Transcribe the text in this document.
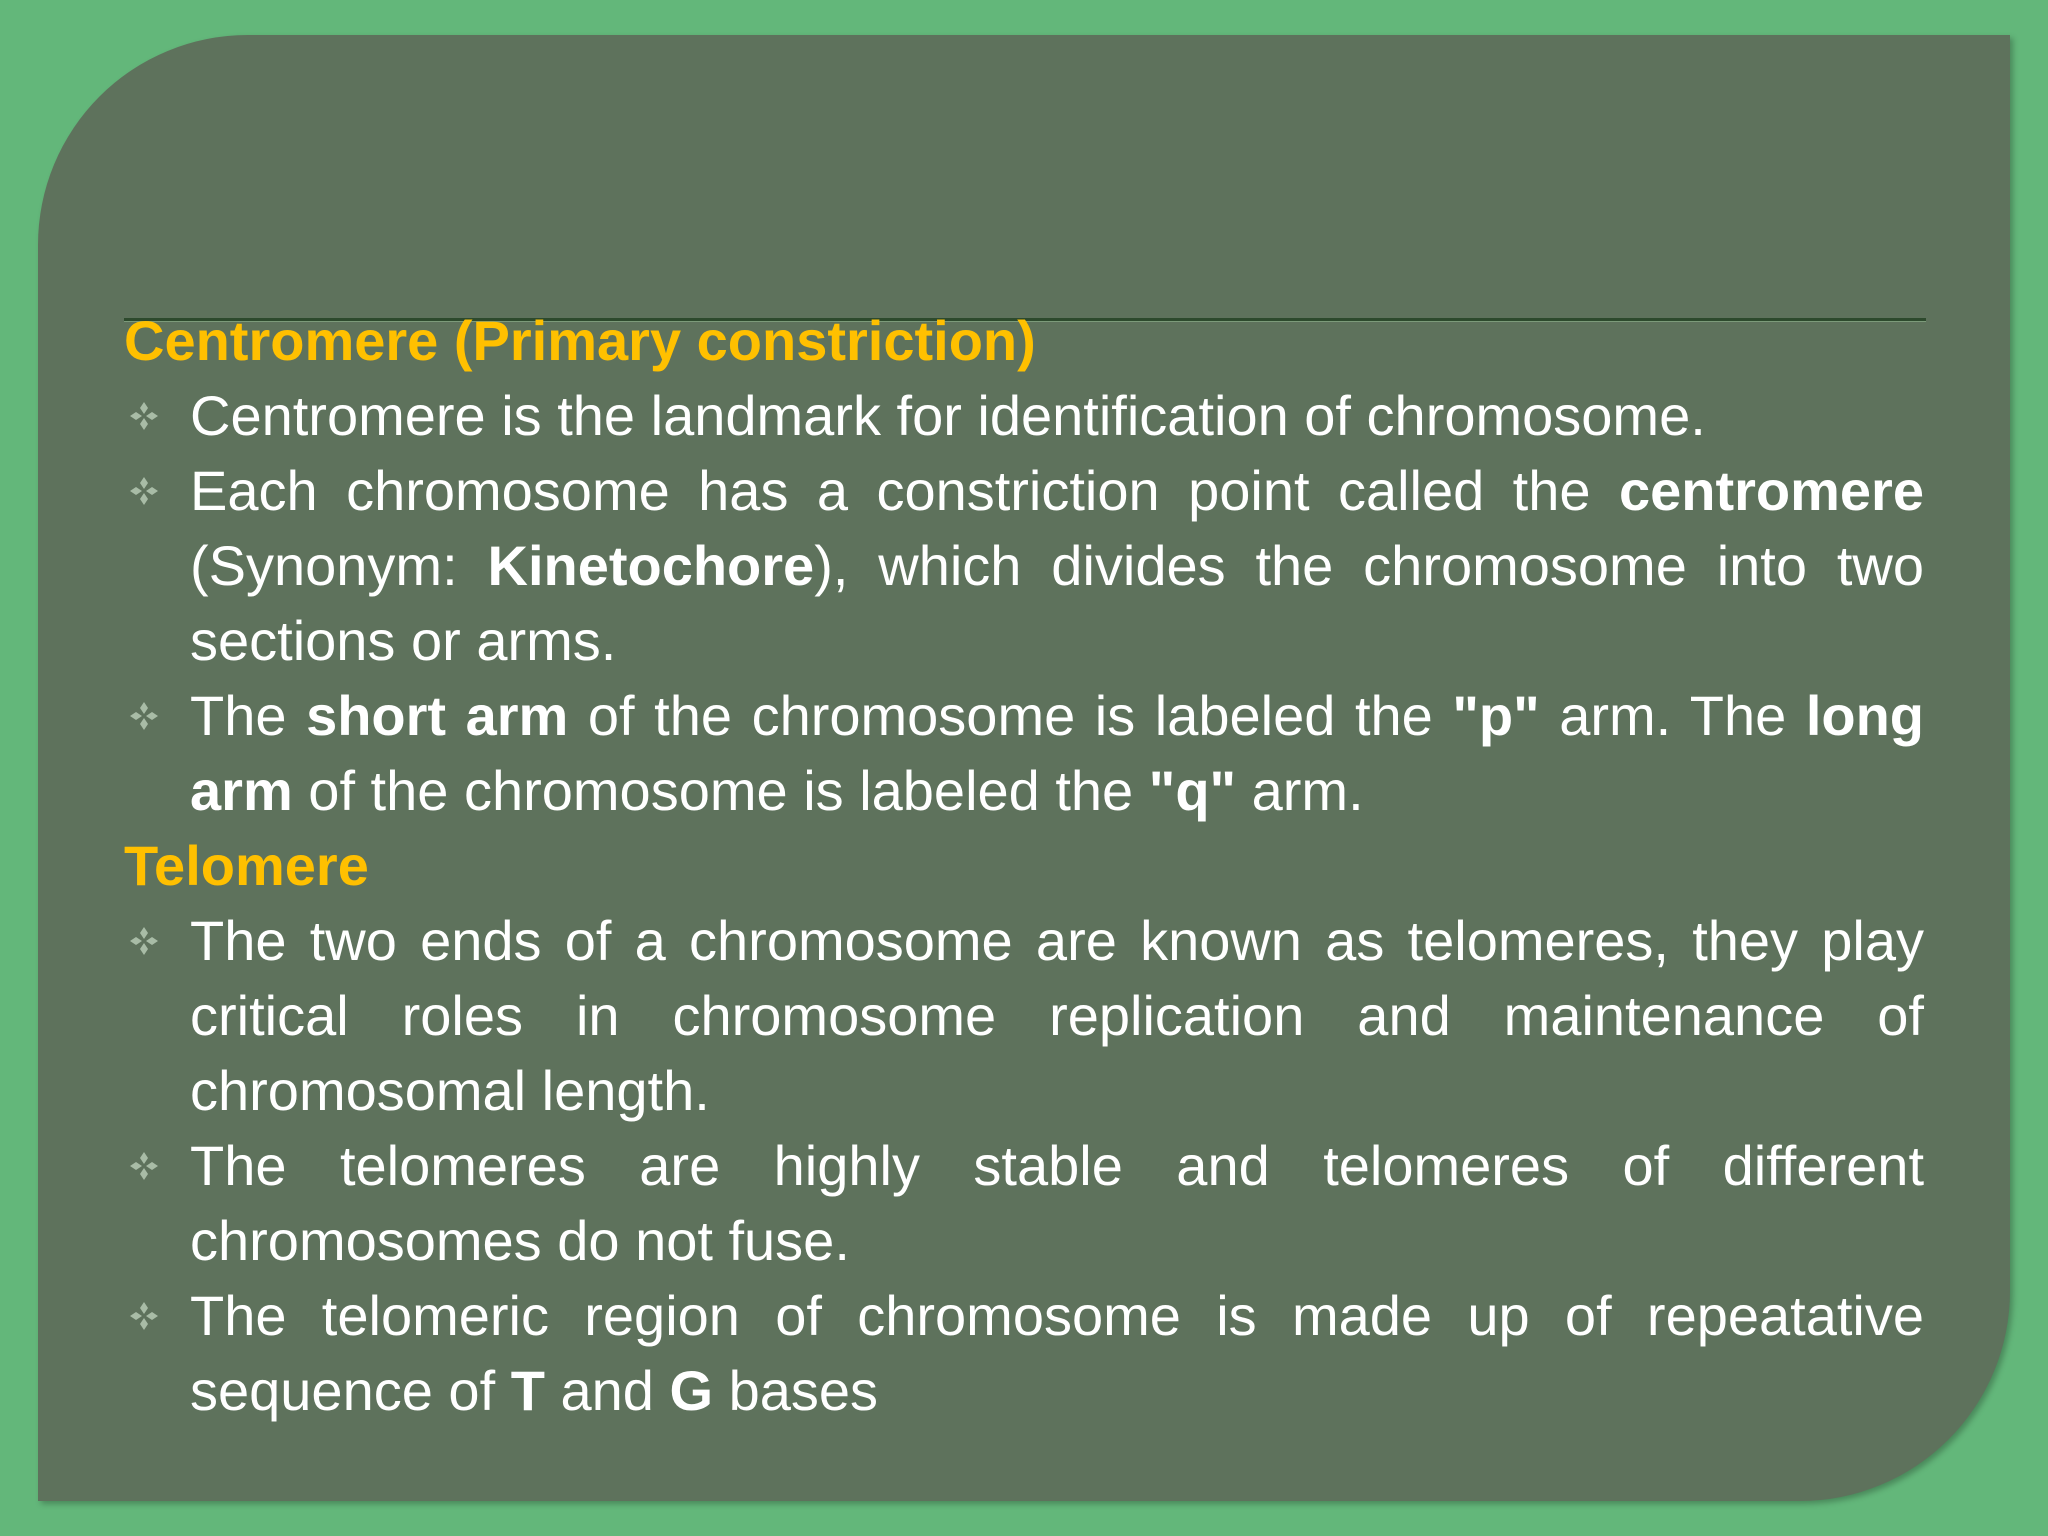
Centromere (Primary constriction)
Centromere is the landmark for identification of chromosome.
Each chromosome has a constriction point called the centromere (Synonym: Kinetochore), which divides the chromosome into two sections or arms.
The short arm of the chromosome is labeled the "p" arm. The long arm of the chromosome is labeled the "q" arm.
Telomere
The two ends of a chromosome are known as telomeres, they play critical roles in chromosome replication and maintenance of chromosomal length.
The telomeres are highly stable and telomeres of different chromosomes do not fuse.
The telomeric region of chromosome is made up of repeatative sequence of T and G bases
